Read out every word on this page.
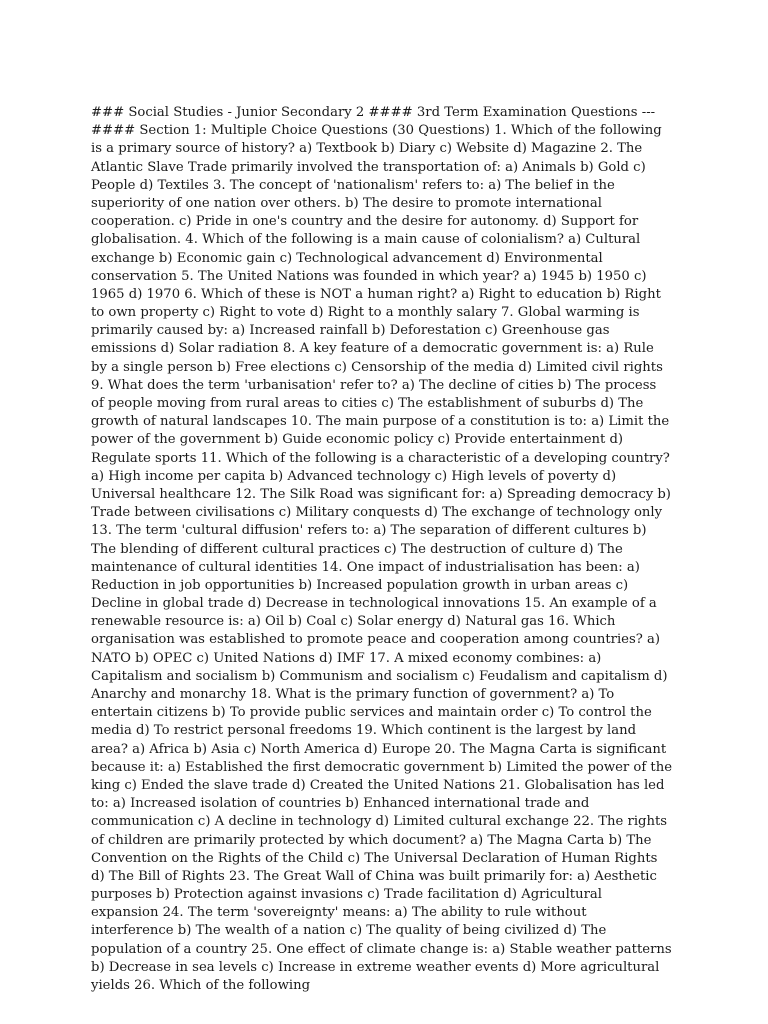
### Social Studies - Junior Secondary 2 #### 3rd Term Examination Questions --- #### Section 1: Multiple Choice Questions (30 Questions) 1. Which of the following is a primary source of history? a) Textbook b) Diary c) Website d) Magazine 2. The Atlantic Slave Trade primarily involved the transportation of: a) Animals b) Gold c) People d) Textiles 3. The concept of 'nationalism' refers to: a) The belief in the superiority of one nation over others. b) The desire to promote international cooperation. c) Pride in one's country and the desire for autonomy. d) Support for globalisation. 4. Which of the following is a main cause of colonialism? a) Cultural exchange b) Economic gain c) Technological advancement d) Environmental conservation 5. The United Nations was founded in which year? a) 1945 b) 1950 c) 1965 d) 1970 6. Which of these is NOT a human right? a) Right to education b) Right to own property c) Right to vote d) Right to a monthly salary 7. Global warming is primarily caused by: a) Increased rainfall b) Deforestation c) Greenhouse gas emissions d) Solar radiation 8. A key feature of a democratic government is: a) Rule by a single person b) Free elections c) Censorship of the media d) Limited civil rights 9. What does the term 'urbanisation' refer to? a) The decline of cities b) The process of people moving from rural areas to cities c) The establishment of suburbs d) The growth of natural landscapes 10. The main purpose of a constitution is to: a) Limit the power of the government b) Guide economic policy c) Provide entertainment d) Regulate sports 11. Which of the following is a characteristic of a developing country? a) High income per capita b) Advanced technology c) High levels of poverty d) Universal healthcare 12. The Silk Road was significant for: a) Spreading democracy b) Trade between civilisations c) Military conquests d) The exchange of technology only 13. The term 'cultural diffusion' refers to: a) The separation of different cultures b) The blending of different cultural practices c) The destruction of culture d) The maintenance of cultural identities 14. One impact of industrialisation has been: a) Reduction in job opportunities b) Increased population growth in urban areas c) Decline in global trade d) Decrease in technological innovations 15. An example of a renewable resource is: a) Oil b) Coal c) Solar energy d) Natural gas 16. Which organisation was established to promote peace and cooperation among countries? a) NATO b) OPEC c) United Nations d) IMF 17. A mixed economy combines: a) Capitalism and socialism b) Communism and socialism c) Feudalism and capitalism d) Anarchy and monarchy 18. What is the primary function of government? a) To entertain citizens b) To provide public services and maintain order c) To control the media d) To restrict personal freedoms 19. Which continent is the largest by land area? a) Africa b) Asia c) North America d) Europe 20. The Magna Carta is significant because it: a) Established the first democratic government b) Limited the power of the king c) Ended the slave trade d) Created the United Nations 21. Globalisation has led to: a) Increased isolation of countries b) Enhanced international trade and communication c) A decline in technology d) Limited cultural exchange 22. The rights of children are primarily protected by which document? a) The Magna Carta b) The Convention on the Rights of the Child c) The Universal Declaration of Human Rights d) The Bill of Rights 23. The Great Wall of China was built primarily for: a) Aesthetic purposes b) Protection against invasions c) Trade facilitation d) Agricultural expansion 24. The term 'sovereignty' means: a) The ability to rule without interference b) The wealth of a nation c) The quality of being civilized d) The population of a country 25. One effect of climate change is: a) Stable weather patterns b) Decrease in sea levels c) Increase in extreme weather events d) More agricultural yields 26. Which of the following
